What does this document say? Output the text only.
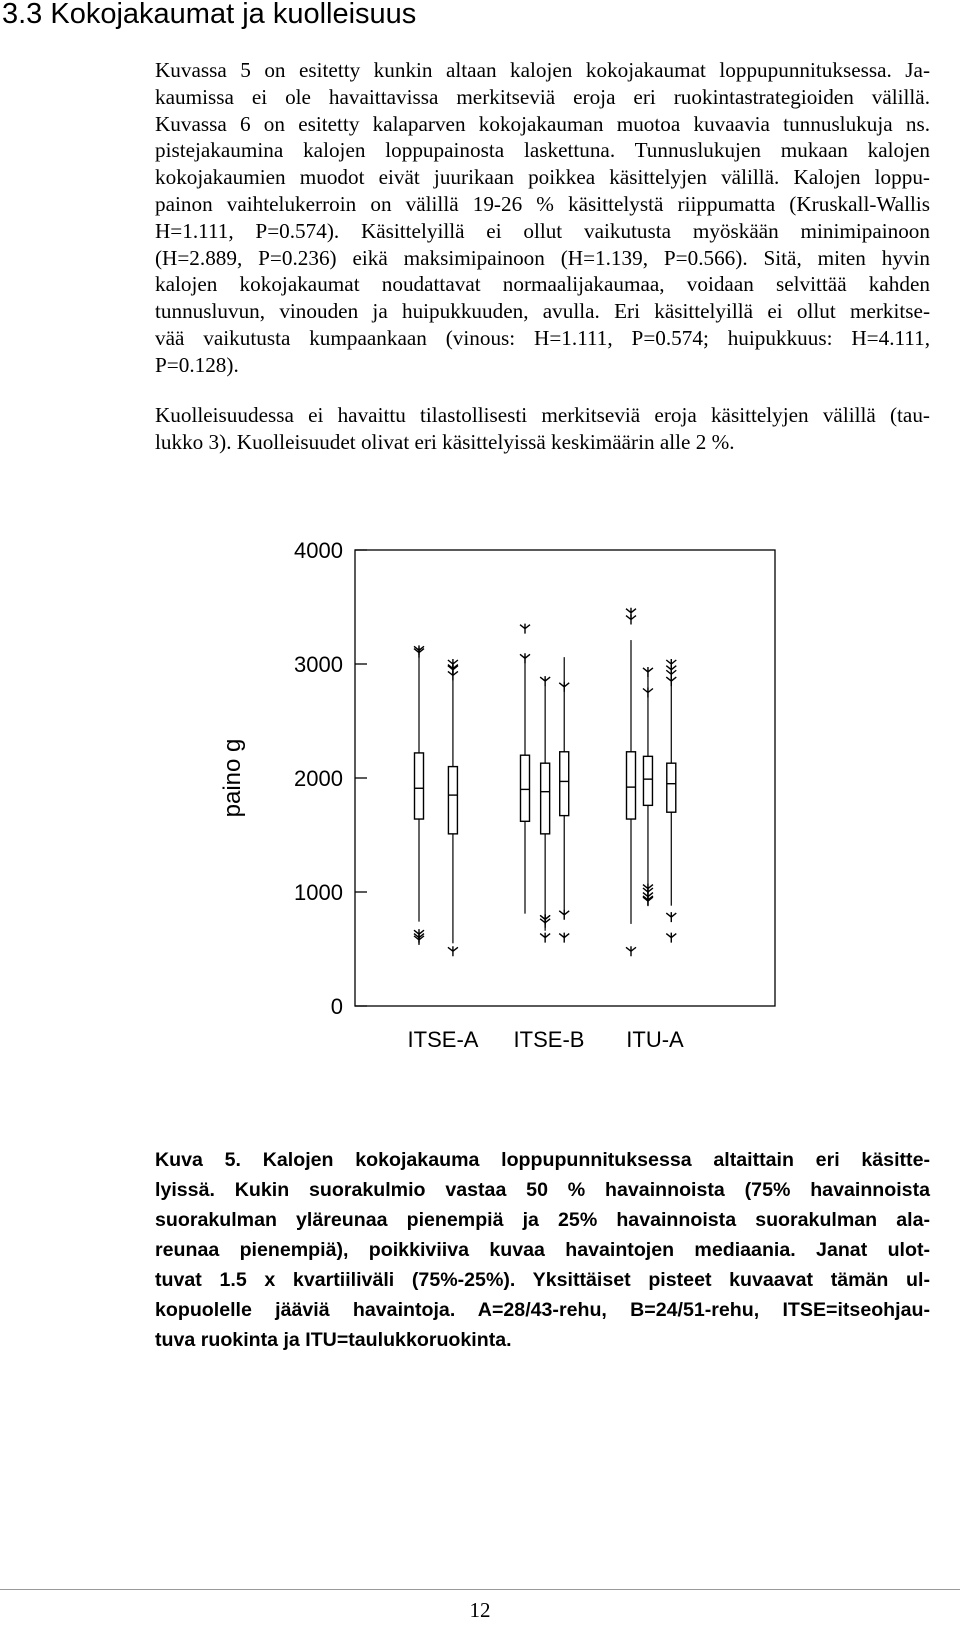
3.3 Kokojakaumat ja kuolleisuus
Kuvassa 5 on esitetty kunkin altaan kalojen kokojakaumat loppupunnituksessa. Ja-
kaumissa ei ole havaittavissa merkitseviä eroja eri ruokintastrategioiden välillä.
Kuvassa 6 on esitetty kalaparven kokojakauman muotoa kuvaavia tunnuslukuja ns.
pistejakaumina kalojen loppupainosta laskettuna. Tunnuslukujen mukaan kalojen
kokojakaumien muodot eivät juurikaan poikkea käsittelyjen välillä. Kalojen loppu-
painon vaihtelukerroin on välillä 19-26 % käsittelystä riippumatta (Kruskall-Wallis
H=1.111, P=0.574). Käsittelyillä ei ollut vaikutusta myöskään minimipainoon
(H=2.889, P=0.236) eikä maksimipainoon (H=1.139, P=0.566). Sitä, miten hyvin
kalojen kokojakaumat noudattavat normaalijakaumaa, voidaan selvittää kahden
tunnusluvun, vinouden ja huipukkuuden, avulla. Eri käsittelyillä ei ollut merkitse-
vää vaikutusta kumpaankaan (vinous: H=1.111, P=0.574; huipukkuus: H=4.111,
P=0.128).
Kuolleisuudessa ei havaittu tilastollisesti merkitseviä eroja käsittelyjen välillä (tau-
lukko 3). Kuolleisuudet olivat eri käsittelyissä keskimäärin alle 2 %.
0
1000
2000
3000
4000
paino g
ITSE-A ITSE-B ITU-A
Kuva 5. Kalojen kokojakauma loppupunnituksessa altaittain eri käsitte-
lyissä. Kukin suorakulmio vastaa 50 % havainnoista (75% havainnoista
suorakulman yläreunaa pienempiä ja 25% havainnoista suorakulman ala-
reunaa pienempiä), poikkiviiva kuvaa havaintojen mediaania. Janat ulot-
tuvat 1.5 x kvartiiliväli (75%-25%). Yksittäiset pisteet kuvaavat tämän ul-
kopuolelle jääviä havaintoja. A=28/43-rehu, B=24/51-rehu, ITSE=itseohjau-
tuva ruokinta ja ITU=taulukkoruokinta.
12
